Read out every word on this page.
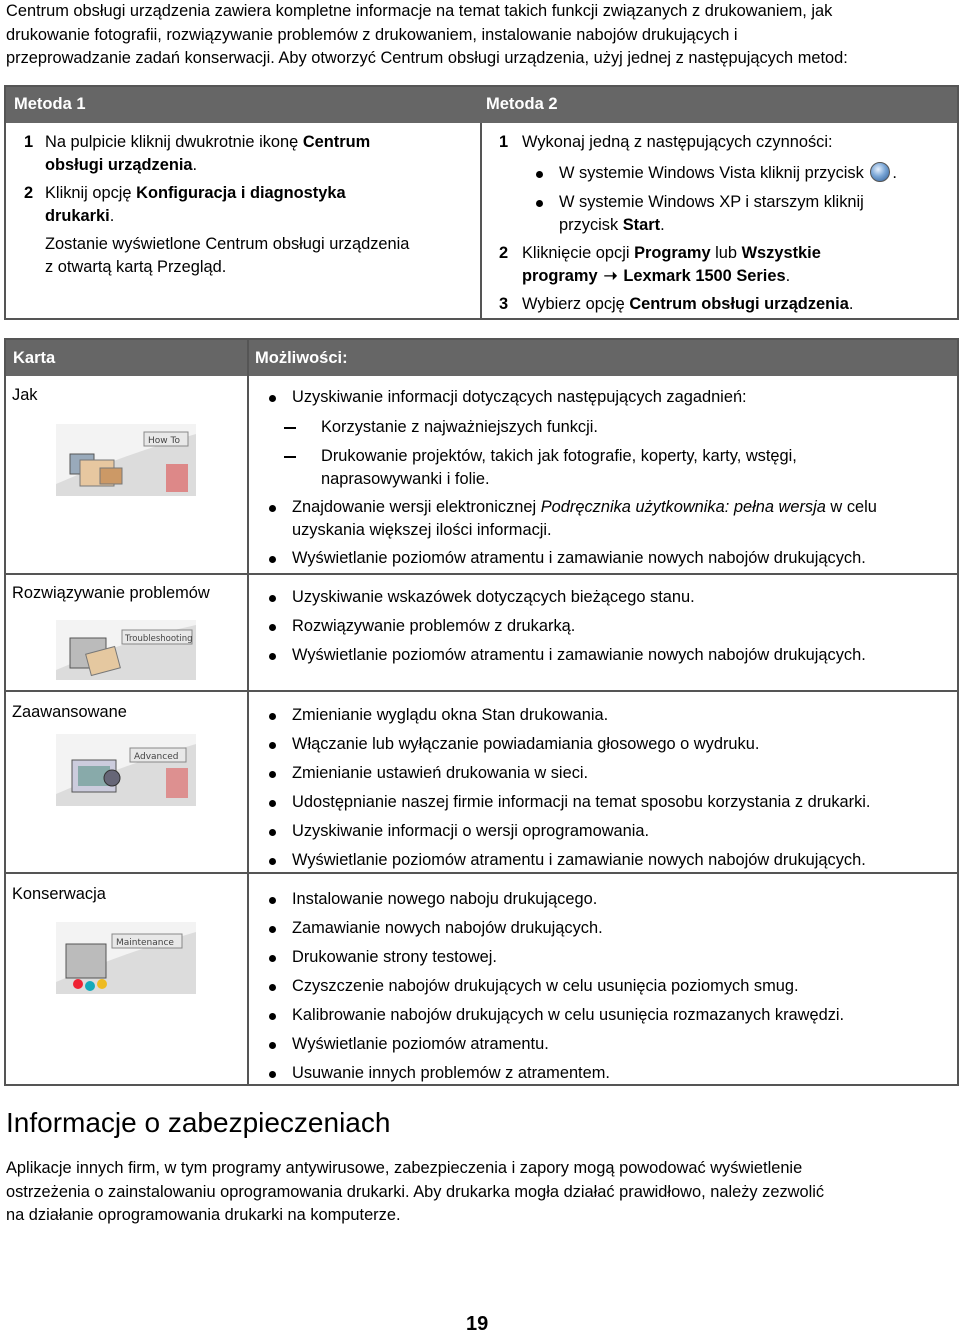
Centrum obsługi urządzenia zawiera kompletne informacje na temat takich funkcji związanych z drukowaniem, jak
drukowanie fotografii, rozwiązywanie problemów z drukowaniem, instalowanie nabojów drukujących i
przeprowadzanie zadań konserwacji. Aby otworzyć Centrum obsługi urządzenia, użyj jednej z następujących metod:
Metoda 1	Metoda 2
1 Na pulpicie kliknij dwukrotnie ikonę Centrum
obsługi urządzenia.
2 Kliknij opcję Konfiguracja i diagnostyka
drukarki.
Zostanie wyświetlone Centrum obsługi urządzenia
z otwartą kartą Przegląd.
1 Wykonaj jedną z następujących czynności:
W systemie Windows Vista kliknij przycisk .
W systemie Windows XP i starszym kliknij
przycisk Start.
2 Kliknięcie opcji Programy lub Wszystkie
programy ➝ Lexmark 1500 Series.
3 Wybierz opcję Centrum obsługi urządzenia.
Karta	Możliwości:
Jak
How To
Uzyskiwanie informacji dotyczących następujących zagadnień:
Korzystanie z najważniejszych funkcji.
Drukowanie projektów, takich jak fotografie, koperty, karty, wstęgi,
naprasowywanki i folie.
Znajdowanie wersji elektronicznej Podręcznika użytkownika: pełna wersja w celu
uzyskania większej ilości informacji.
Wyświetlanie poziomów atramentu i zamawianie nowych nabojów drukujących.
Rozwiązywanie problemów
Troubleshooting
Uzyskiwanie wskazówek dotyczących bieżącego stanu.
Rozwiązywanie problemów z drukarką.
Wyświetlanie poziomów atramentu i zamawianie nowych nabojów drukujących.
Zaawansowane
Advanced
Zmienianie wyglądu okna Stan drukowania.
Włączanie lub wyłączanie powiadamiania głosowego o wydruku.
Zmienianie ustawień drukowania w sieci.
Udostępnianie naszej firmie informacji na temat sposobu korzystania z drukarki.
Uzyskiwanie informacji o wersji oprogramowania.
Wyświetlanie poziomów atramentu i zamawianie nowych nabojów drukujących.
Konserwacja
Maintenance
Instalowanie nowego naboju drukującego.
Zamawianie nowych nabojów drukujących.
Drukowanie strony testowej.
Czyszczenie nabojów drukujących w celu usunięcia poziomych smug.
Kalibrowanie nabojów drukujących w celu usunięcia rozmazanych krawędzi.
Wyświetlanie poziomów atramentu.
Usuwanie innych problemów z atramentem.
Informacje o zabezpieczeniach
Aplikacje innych firm, w tym programy antywirusowe, zabezpieczenia i zapory mogą powodować wyświetlenie
ostrzeżenia o zainstalowaniu oprogramowania drukarki. Aby drukarka mogła działać prawidłowo, należy zezwolić
na działanie oprogramowania drukarki na komputerze.
19
